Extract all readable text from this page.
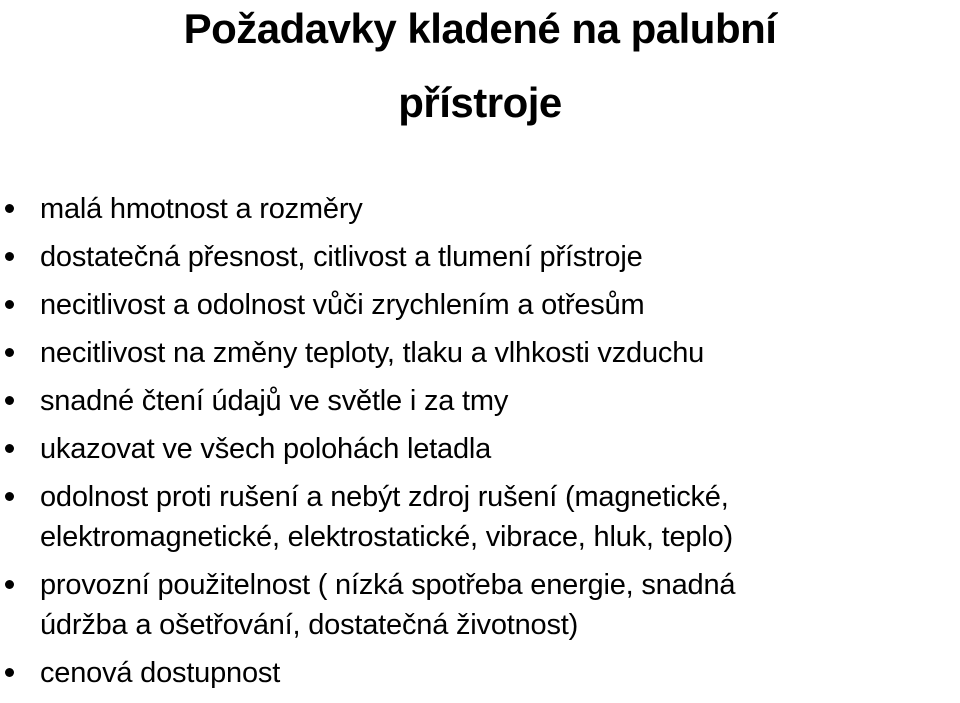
Požadavky kladené na palubní
přístroje
malá hmotnost a rozměry
dostatečná přesnost, citlivost a tlumení přístroje
necitlivost a odolnost vůči zrychlením a otřesům
necitlivost na změny teploty, tlaku a vlhkosti vzduchu
snadné čtení údajů ve světle i za tmy
ukazovat ve všech polohách letadla
odolnost proti rušení a nebýt zdroj rušení (magnetické,
elektromagnetické, elektrostatické, vibrace, hluk, teplo)
provozní použitelnost ( nízká spotřeba energie, snadná
údržba a ošetřování, dostatečná životnost)
cenová dostupnost
